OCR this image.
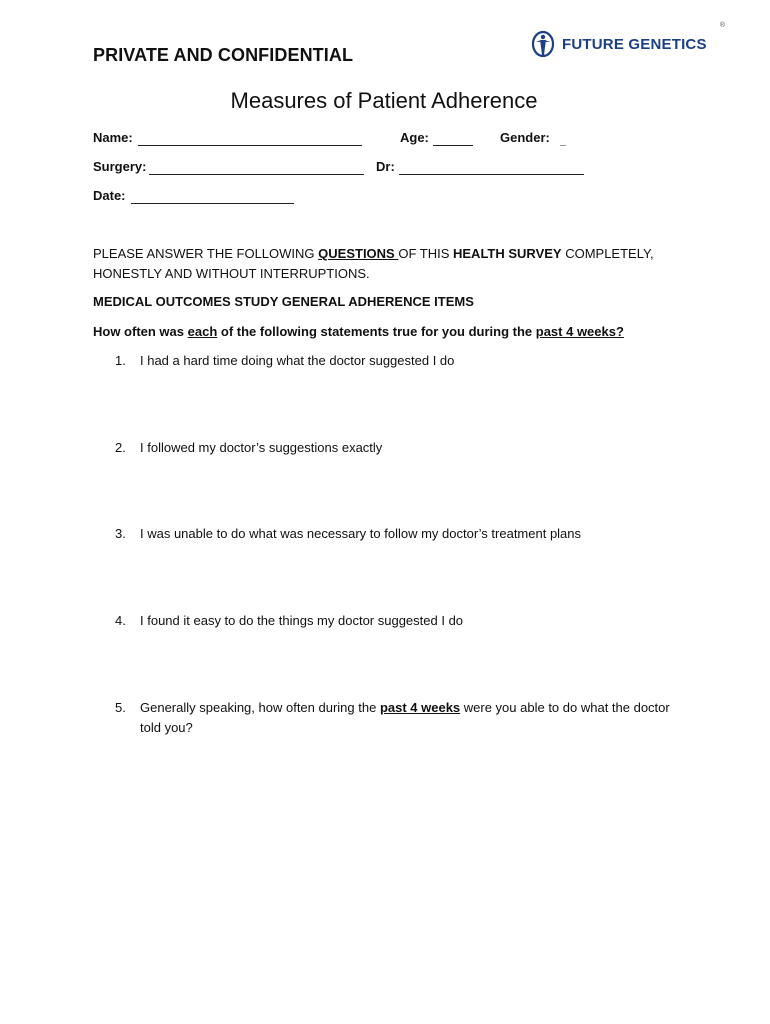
PRIVATE AND CONFIDENTIAL
FUTURE GENETICS
®
Measures of Patient Adherence
Name:	Age:	Gender:
Surgery:	Dr:
Date:
PLEASE ANSWER THE FOLLOWING QUESTIONS OF THIS HEALTH SURVEY COMPLETELY, HONESTLY AND WITHOUT INTERRUPTIONS.
MEDICAL OUTCOMES STUDY GENERAL ADHERENCE ITEMS
How often was each of the following statements true for you during the past 4 weeks?
1.	I had a hard time doing what the doctor suggested I do
2.	I followed my doctor’s suggestions exactly
3.	I was unable to do what was necessary to follow my doctor’s treatment plans
4.	I found it easy to do the things my doctor suggested I do
5.	Generally speaking, how often during the past 4 weeks were you able to do what the doctor told you?
